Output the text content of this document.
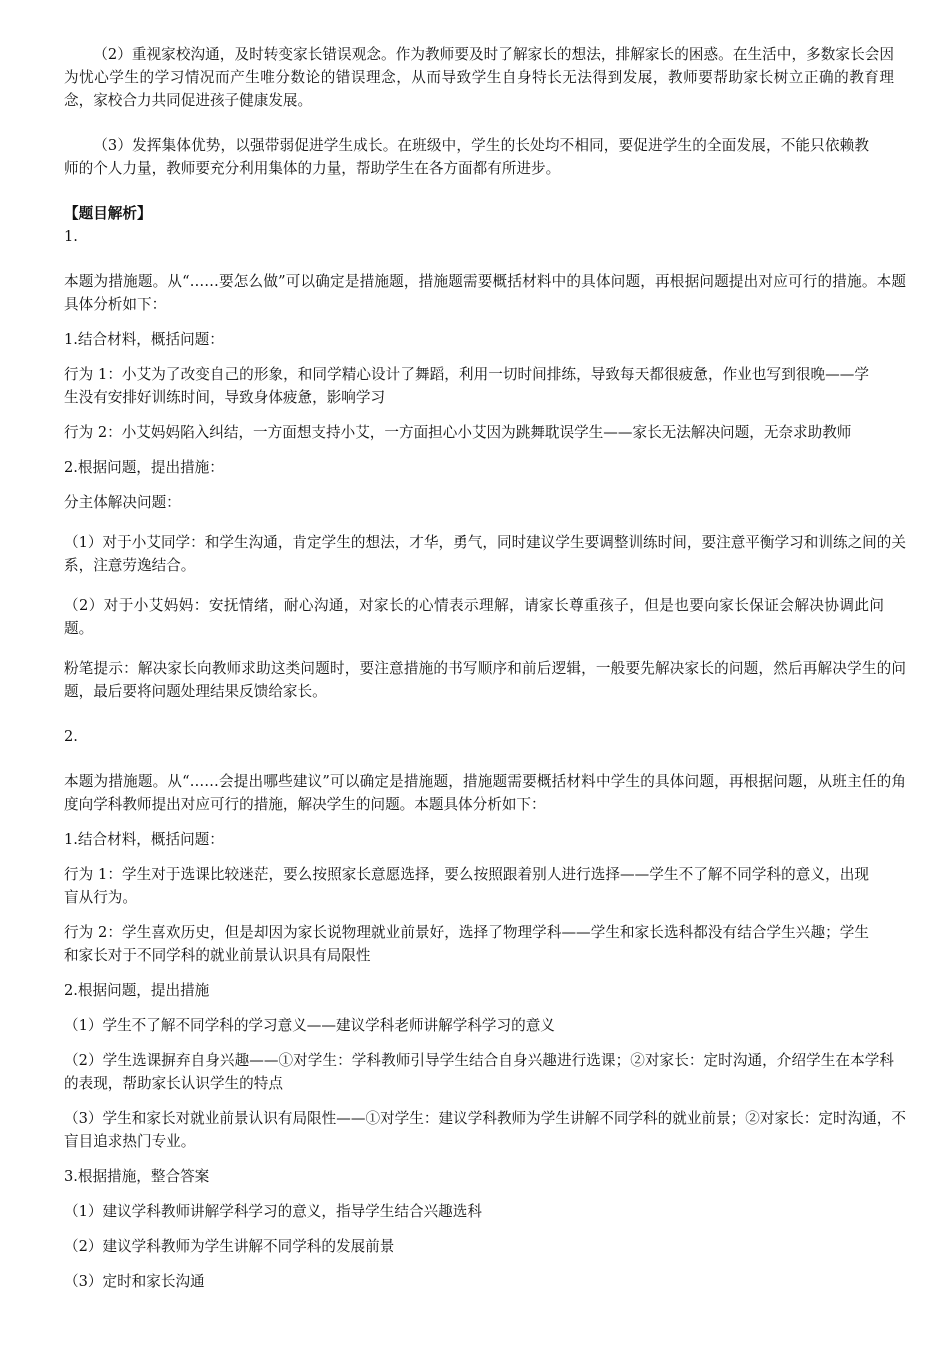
（2）重视家校沟通，及时转变家长错误观念。作为教师要及时了解家长的想法，排解家长的困惑。在生活中，多数家长会因为忧心学生的学习情况而产生唯分数论的错误理念，从而导致学生自身特长无法得到发展，教师要帮助家长树立正确的教育理念，家校合力共同促进孩子健康发展。

（3）发挥集体优势，以强带弱促进学生成长。在班级中，学生的长处均不相同，要促进学生的全面发展，不能只依赖教师的个人力量，教师要充分利用集体的力量，帮助学生在各方面都有所进步。

【题目解析】

1.

本题为措施题。从“……要怎么做”可以确定是措施题，措施题需要概括材料中的具体问题，再根据问题提出对应可行的措施。本题具体分析如下：

1.结合材料，概括问题：

行为 1：小艾为了改变自己的形象，和同学精心设计了舞蹈，利用一切时间排练，导致每天都很疲惫，作业也写到很晚——学生没有安排好训练时间，导致身体疲惫，影响学习

行为 2：小艾妈妈陷入纠结，一方面想支持小艾，一方面担心小艾因为跳舞耽误学生——家长无法解决问题，无奈求助教师

2.根据问题，提出措施：

分主体解决问题：

（1）对于小艾同学：和学生沟通，肯定学生的想法，才华，勇气，同时建议学生要调整训练时间，要注意平衡学习和训练之间的关系，注意劳逸结合。

（2）对于小艾妈妈：安抚情绪，耐心沟通，对家长的心情表示理解，请家长尊重孩子，但是也要向家长保证会解决协调此问题。

粉笔提示：解决家长向教师求助这类问题时，要注意措施的书写顺序和前后逻辑，一般要先解决家长的问题，然后再解决学生的问题，最后要将问题处理结果反馈给家长。

2.

本题为措施题。从“……会提出哪些建议”可以确定是措施题，措施题需要概括材料中学生的具体问题，再根据问题，从班主任的角度向学科教师提出对应可行的措施，解决学生的问题。本题具体分析如下：

1.结合材料，概括问题：

行为 1：学生对于选课比较迷茫，要么按照家长意愿选择，要么按照跟着别人进行选择——学生不了解不同学科的意义，出现盲从行为。

行为 2：学生喜欢历史，但是却因为家长说物理就业前景好，选择了物理学科——学生和家长选科都没有结合学生兴趣；学生和家长对于不同学科的就业前景认识具有局限性

2.根据问题，提出措施

（1）学生不了解不同学科的学习意义——建议学科老师讲解学科学习的意义

（2）学生选课摒弃自身兴趣——①对学生：学科教师引导学生结合自身兴趣进行选课；②对家长：定时沟通，介绍学生在本学科的表现，帮助家长认识学生的特点

（3）学生和家长对就业前景认识有局限性——①对学生：建议学科教师为学生讲解不同学科的就业前景；②对家长：定时沟通，不盲目追求热门专业。

3.根据措施，整合答案

（1）建议学科教师讲解学科学习的意义，指导学生结合兴趣选科

（2）建议学科教师为学生讲解不同学科的发展前景

（3）定时和家长沟通
